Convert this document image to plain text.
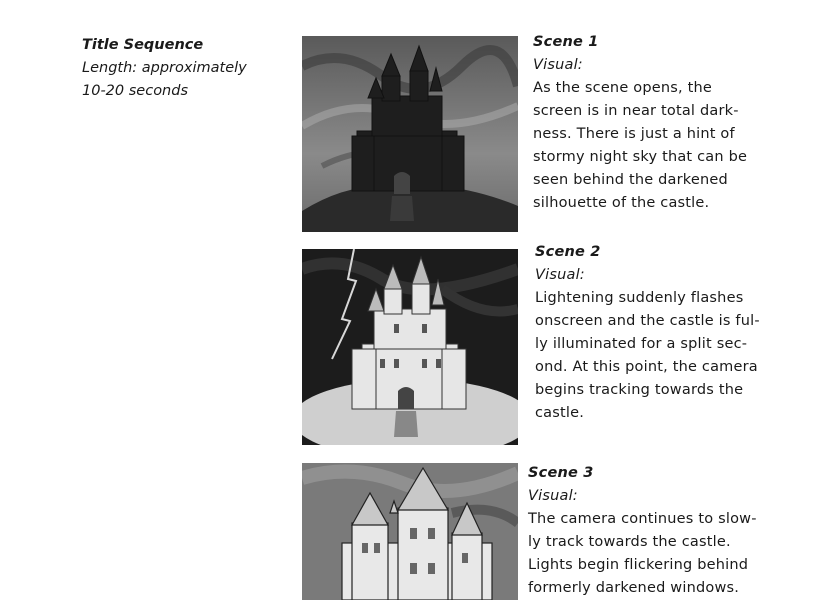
Title Sequence
Length: approximately
10-20 seconds
Scene 1
Visual:
As the scene opens, the
screen is in near total dark-
ness. There is just a hint of
stormy night sky that can be
seen behind the darkened
silhouette of the castle.
Scene 2
Visual:
Lightening suddenly flashes
onscreen and the castle is ful-
ly illuminated for a split sec-
ond. At this point, the camera
begins tracking towards the
castle.
Scene 3
Visual:
The camera continues to slow-
ly track towards the castle.
Lights begin flickering behind
formerly darkened windows.
